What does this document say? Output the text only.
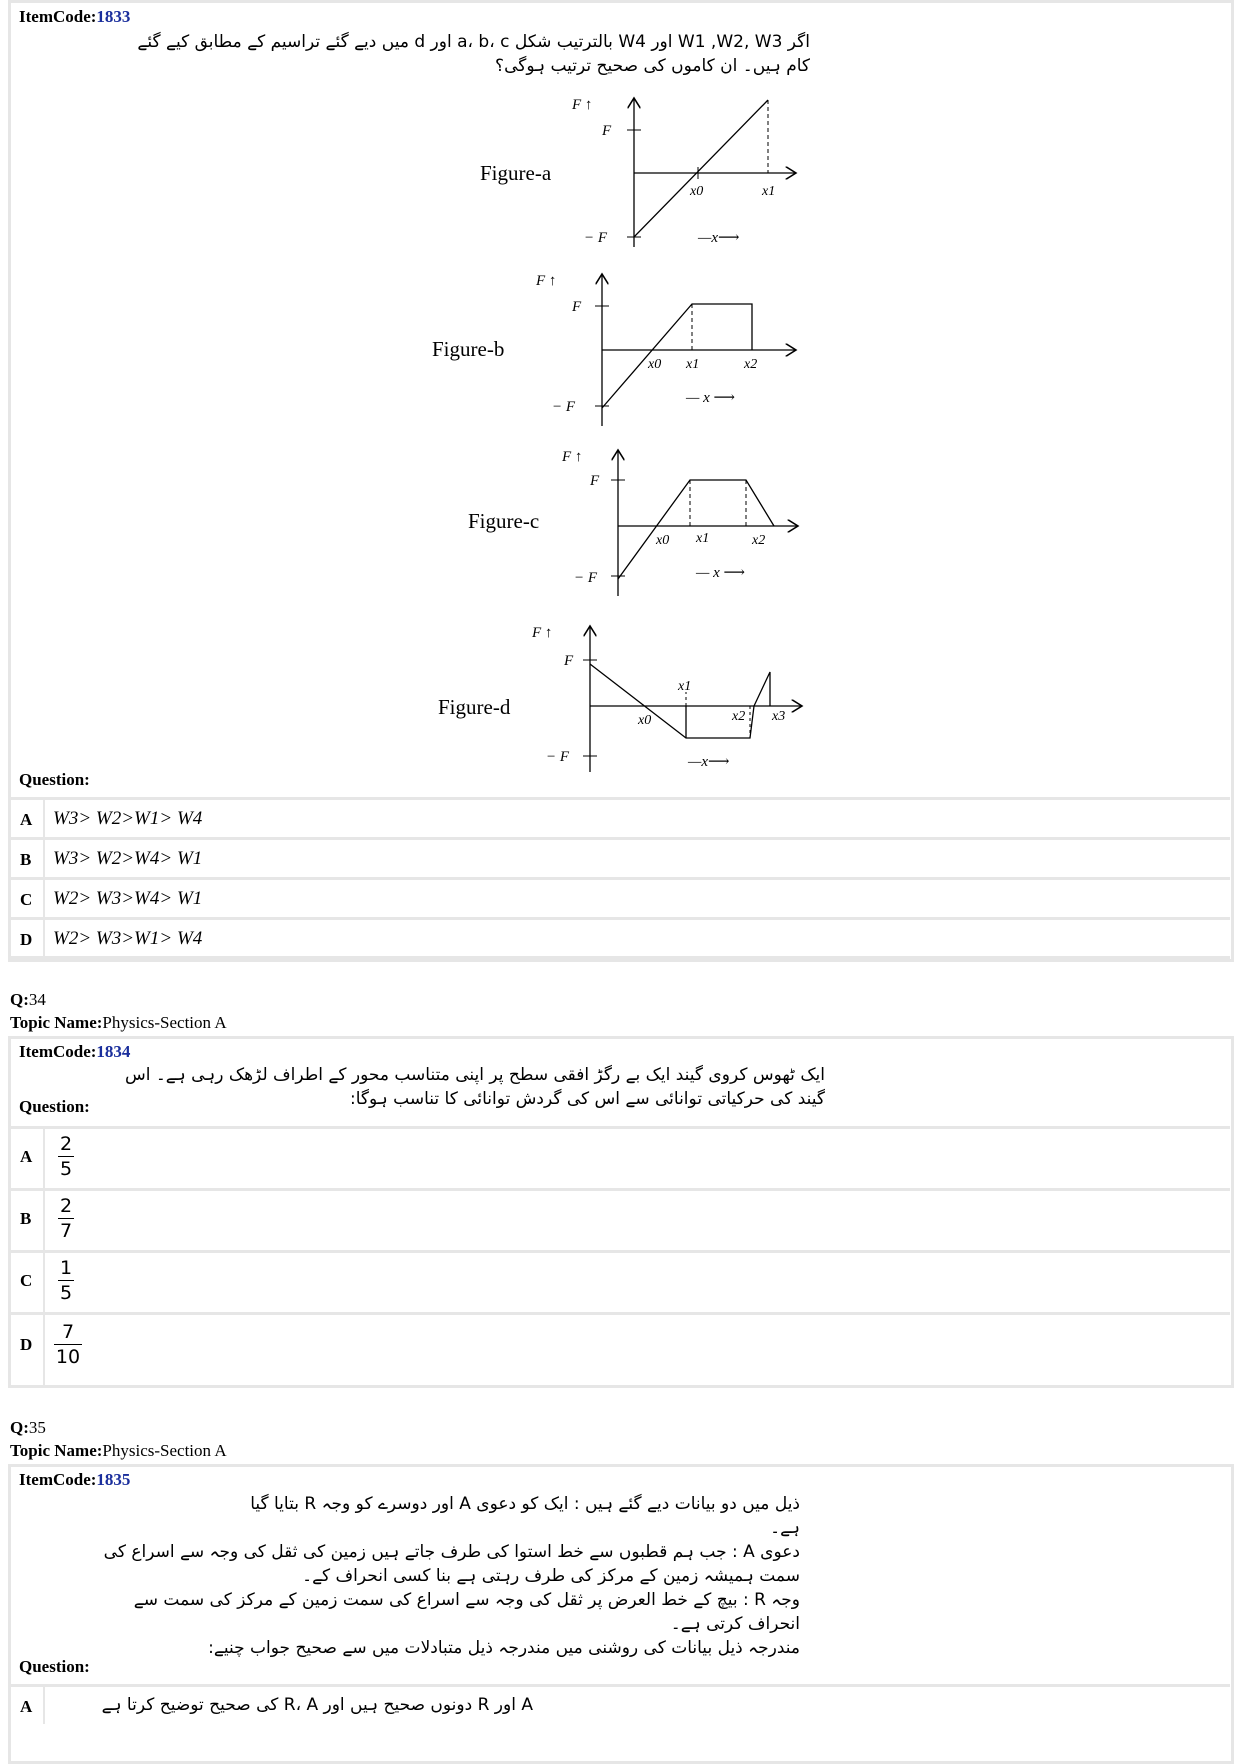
ItemCode:1833
اگر W1 ,W2, W3 اور W4 بالترتیب شکل a، b، c اور d میں دیے گئے تراسیم کے مطابق کیے گئے
کام ہیں۔ ان کاموں کی صحیح ترتیب ہوگی؟
Figure-a
F ↑
F
− F
x0	x1
—x⟶
Figure-b
F ↑
F
− F
x0 x1	x2
— x ⟶
Figure-c
F ↑
F
− F
x0 x1	x2
— x ⟶
Figure-d
F ↑
F
− F
x0
x1
x2 x3
—x⟶
Question:
A W3> W2>W1> W4
B W3> W2>W4> W1
C W2> W3>W4> W1
D W2> W3>W1> W4
Q:34
Topic Name:Physics-Section A
ItemCode:1834
ایک ٹھوس کروی گیند ایک بے رگڑ افقی سطح پر اپنی متناسب محور کے اطراف لڑھک رہی ہے۔ اس
گیند کی حرکیاتی توانائی سے اس کی گردش توانائی کا تناسب ہوگا:
Question:
A
2
5
B
2
7
C
1
5
D
7
10
Q:35
Topic Name:Physics-Section A
ItemCode:1835
ذیل میں دو بیانات دیے گئے ہیں : ایک کو دعوی A اور دوسرے کو وجہ R بتایا گیا
ہے۔
دعوی A : جب ہم قطبوں سے خط استوا کی طرف جاتے ہیں زمین کی ثقل کی وجہ سے اسراع کی
سمت ہمیشہ زمین کے مرکز کی طرف رہتی ہے بنا کسی انحراف کے۔
وجہ R : بیچ کے خط العرض پر ثقل کی وجہ سے اسراع کی سمت زمین کے مرکز کی سمت سے
انحراف کرتی ہے۔
مندرجہ ذیل بیانات کی روشنی میں مندرجہ ذیل متبادلات میں سے صحیح جواب چنیے:
Question:
A	A اور R دونوں صحیح ہیں اور R، A کی صحیح توضیح کرتا ہے
